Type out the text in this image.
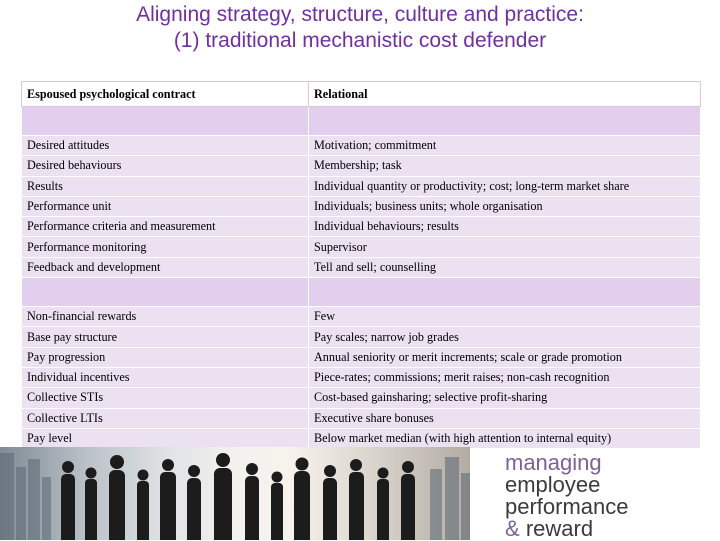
Aligning strategy, structure, culture and practice:
(1) traditional mechanistic cost defender
Espoused psychological contract	Relational

Desired attitudes	Motivation; commitment
Desired behaviours	Membership; task
Results	Individual quantity or productivity; cost; long-term market share
Performance unit	Individuals; business units; whole organisation
Performance criteria and measurement	Individual behaviours; results
Performance monitoring	Supervisor
Feedback and development	Tell and sell; counselling

Non-financial rewards	Few
Base pay structure	Pay scales; narrow job grades
Pay progression	Annual seniority or merit increments; scale or grade promotion
Individual incentives	Piece-rates; commissions; merit raises; non-cash recognition
Collective STIs	Cost-based gainsharing; selective profit-sharing
Collective LTIs	Executive share bonuses
Pay level	Below market median (with high attention to internal equity)
managing
employee
performance
& reward
